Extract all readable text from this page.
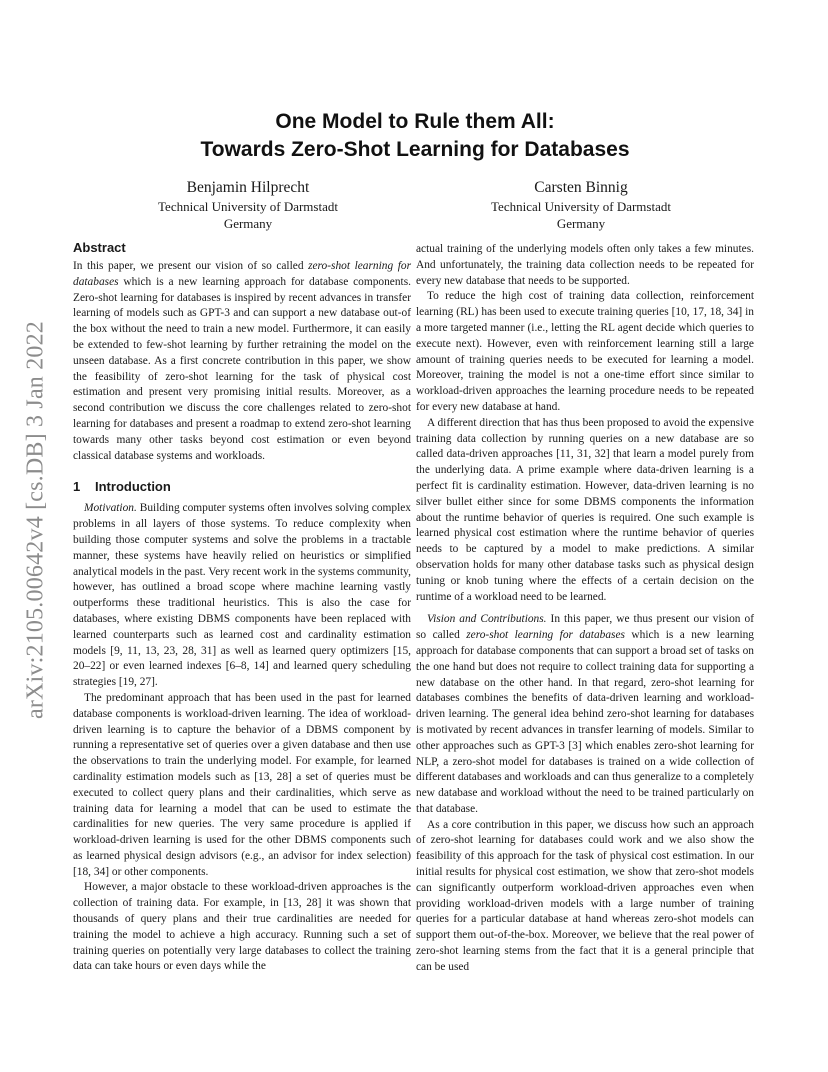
arXiv:2105.00642v4 [cs.DB] 3 Jan 2022
One Model to Rule them All:
Towards Zero-Shot Learning for Databases
Benjamin Hilprecht
Technical University of Darmstadt
Germany
Carsten Binnig
Technical University of Darmstadt
Germany
Abstract

In this paper, we present our vision of so called zero-shot learning for databases which is a new learning approach for database components. Zero-shot learning for databases is inspired by recent advances in transfer learning of models such as GPT-3 and can support a new database out-of the box without the need to train a new model. Furthermore, it can easily be extended to few-shot learning by further retraining the model on the unseen database. As a first concrete contribution in this paper, we show the feasibility of zero-shot learning for the task of physical cost estimation and present very promising initial results. Moreover, as a second contribution we discuss the core challenges related to zero-shot learning for databases and present a roadmap to extend zero-shot learning towards many other tasks beyond cost estimation or even beyond classical database systems and workloads.

1 Introduction

Motivation. Building computer systems often involves solving complex problems in all layers of those systems. To reduce complexity when building those computer systems and solve the problems in a tractable manner, these systems have heavily relied on heuristics or simplified analytical models in the past. Very recent work in the systems community, however, has outlined a broad scope where machine learning vastly outperforms these traditional heuristics. This is also the case for databases, where existing DBMS components have been replaced with learned counterparts such as learned cost and cardinality estimation models [9, 11, 13, 23, 28, 31] as well as learned query optimizers [15, 20–22] or even learned indexes [6–8, 14] and learned query scheduling strategies [19, 27].

The predominant approach that has been used in the past for learned database components is workload-driven learning. The idea of workload-driven learning is to capture the behavior of a DBMS component by running a representative set of queries over a given database and then use the observations to train the underlying model. For example, for learned cardinality estimation models such as [13, 28] a set of queries must be executed to collect query plans and their cardinalities, which serve as training data for learning a model that can be used to estimate the cardinalities for new queries. The very same procedure is applied if workload-driven learning is used for the other DBMS components such as learned physical design advisors (e.g., an advisor for index selection) [18, 34] or other components.

However, a major obstacle to these workload-driven approaches is the collection of training data. For example, in [13, 28] it was shown that thousands of query plans and their true cardinalities are needed for training the model to achieve a high accuracy. Running such a set of training queries on potentially very large databases to collect the training data can take hours or even days while the

actual training of the underlying models often only takes a few minutes. And unfortunately, the training data collection needs to be repeated for every new database that needs to be supported.

To reduce the high cost of training data collection, reinforcement learning (RL) has been used to execute training queries [10, 17, 18, 34] in a more targeted manner (i.e., letting the RL agent decide which queries to execute next). However, even with reinforcement learning still a large amount of training queries needs to be executed for learning a model. Moreover, training the model is not a one-time effort since similar to workload-driven approaches the learning procedure needs to be repeated for every new database at hand.

A different direction that has thus been proposed to avoid the expensive training data collection by running queries on a new database are so called data-driven approaches [11, 31, 32] that learn a model purely from the underlying data. A prime example where data-driven learning is a perfect fit is cardinality estimation. However, data-driven learning is no silver bullet either since for some DBMS components the information about the runtime behavior of queries is required. One such example is learned physical cost estimation where the runtime behavior of queries needs to be captured by a model to make predictions. A similar observation holds for many other database tasks such as physical design tuning or knob tuning where the effects of a certain decision on the runtime of a workload need to be learned.

Vision and Contributions. In this paper, we thus present our vision of so called zero-shot learning for databases which is a new learning approach for database components that can support a broad set of tasks on the one hand but does not require to collect training data for supporting a new database on the other hand. In that regard, zero-shot learning for databases combines the benefits of data-driven learning and workload-driven learning. The general idea behind zero-shot learning for databases is motivated by recent advances in transfer learning of models. Similar to other approaches such as GPT-3 [3] which enables zero-shot learning for NLP, a zero-shot model for databases is trained on a wide collection of different databases and workloads and can thus generalize to a completely new database and workload without the need to be trained particularly on that database.

As a core contribution in this paper, we discuss how such an approach of zero-shot learning for databases could work and we also show the feasibility of this approach for the task of physical cost estimation. In our initial results for physical cost estimation, we show that zero-shot models can significantly outperform workload-driven approaches even when providing workload-driven models with a large number of training queries for a particular database at hand whereas zero-shot models can support them out-of-the-box. Moreover, we believe that the real power of zero-shot learning stems from the fact that it is a general principle that can be used
